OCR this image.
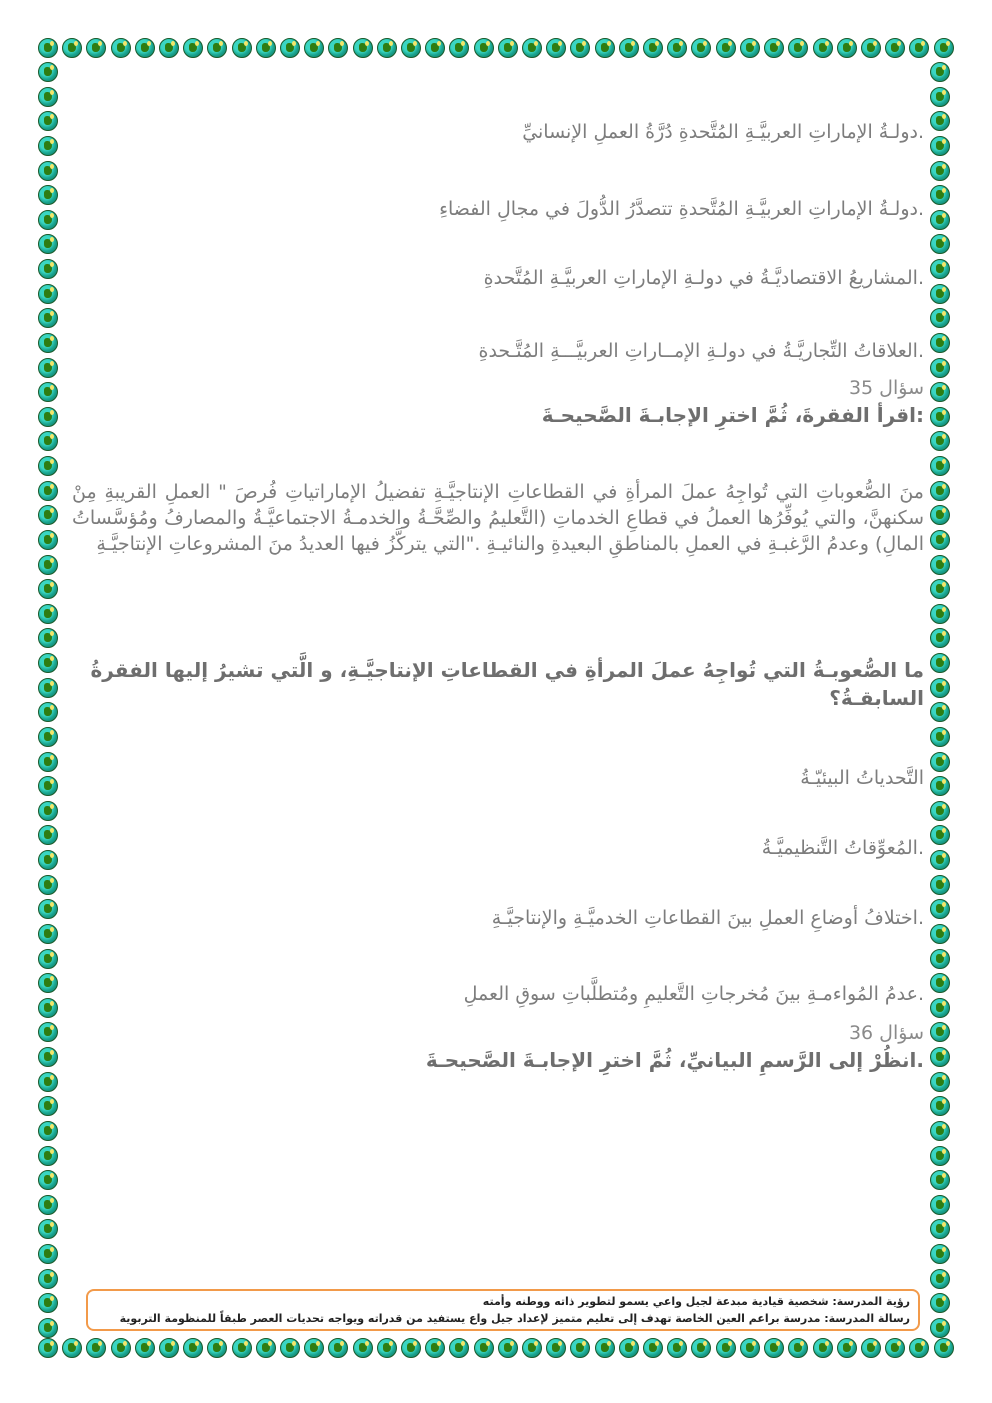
.دولـةُ الإماراتِ العربيَّـةِ المُتَّحدةِ دُرَّةُ العملِ الإنسانيِّ
.دولـةُ الإماراتِ العربيَّـةِ المُتَّحدةِ تتصدَّرُ الدُّولَ في مجالِ الفضاءِ
.المشاريعُ الاقتصاديَّـةُ في دولـةِ الإماراتِ العربيَّـةِ المُتَّحدةِ
.العلاقاتُ التِّجاريَّـةُ في دولـةِ الإمــاراتِ العربيَّـــةِ المُتَّـحدةِ
سؤال 35
:اقرأ الفقرةَ، ثُمَّ اخترِ الإجابـةَ الصَّحيحـةَ
منَ الصُّعوباتِ التي تُواجِهُ عملَ المرأةِ في القطاعاتِ الإنتاجيَّـةِ تفضيلُ الإماراتياتِ فُرصَ " العملِ القريبةِ مِنْ سكنهنَّ، والتي يُوفِّرُها العملُ في قطاعِ الخدماتِ (التَّعليمُ والصِّحَّـةُ والخدمـةُ الاجتماعيَّـةُ والمصارفُ ومُؤسَّساتُ المالِ) وعدمُ الرَّغبـةِ في العملِ بالمناطقِ البعيدةِ والنائيـةِ ."التي يتركَّزُ فيها العديدُ منَ المشروعاتِ الإنتاجيَّـةِ
ما الصُّعوبـةُ التي تُواجِهُ عملَ المرأةِ في القطاعاتِ الإنتاجيَّـةِ، و الَّتي تشيرُ إليها الفقرةُ السابقـةُ؟
التَّحدياتُ البيئيّـةُ
.المُعوِّقاتُ التَّنظيميَّـةُ
.اختلافُ أوضاعِ العملِ بينَ القطاعاتِ الخدميَّـةِ والإنتاجيَّـةِ
.عدمُ المُواءمـةِ بينَ مُخرجاتِ التَّعليمِ ومُتطلَّباتِ سوقِ العملِ
سؤال 36
.انظُرْ إلى الرَّسمِ البيانيِّ، ثُمَّ اخترِ الإجابـةَ الصَّحيحـةَ
رؤية المدرسة: شخصية قيادية مبدعة لجيل واعي يسمو لتطوير ذاته ووطنه وأمته
رسالة المدرسة: مدرسة براعم العين الخاصة تهدف إلى تعليم متميز لإعداد جيل واع يستفيد من قدراته ويواجه تحديات العصر طبقاً للمنظومة التربوية
